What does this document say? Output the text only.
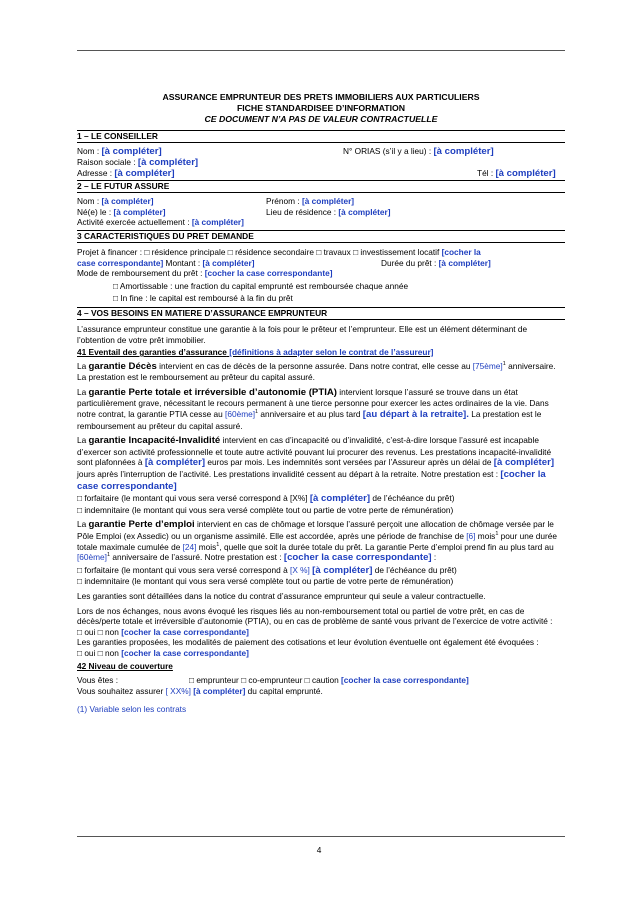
ASSURANCE EMPRUNTEUR DES PRETS IMMOBILIERS AUX PARTICULIERS
FICHE STANDARDISEE D’INFORMATION
CE DOCUMENT N’A PAS DE VALEUR CONTRACTUELLE
1 – LE CONSEILLER
Nom : [à compléter]	N° ORIAS (s’il y a lieu) : [à compléter]
Raison sociale : [à compléter]
Adresse : [à compléter]	Tél : [à compléter]
2 – LE FUTUR ASSURE
Nom : [à compléter]	Prénom : [à compléter]
Né(e) le : [à compléter]	Lieu de résidence : [à compléter]
Activité exercée actuellement : [à compléter]
3 CARACTERISTIQUES DU PRET DEMANDE

Projet à financer : □ résidence principale □ résidence secondaire □ travaux □ investissement locatif [cocher la

case correspondante] Montant : [à compléter]	Durée du prêt : [à compléter]
Mode de remboursement du prêt : [cocher la case correspondante]
□ Amortissable : une fraction du capital emprunté est remboursée chaque année
□ In fine : le capital est remboursé à la fin du prêt
4 – VOS BESOINS EN MATIERE D’ASSURANCE EMPRUNTEUR

L’assurance emprunteur constitue une garantie à la fois pour le prêteur et l’emprunteur. Elle est un élément déterminant de l’obtention de votre prêt immobilier.

41 Eventail des garanties d’assurance [définitions à adapter selon le contrat de l’assureur]

La garantie Décès intervient en cas de décès de la personne assurée. Dans notre contrat, elle cesse au [75ème]$^1$ anniversaire. La prestation est le remboursement au prêteur du capital assuré.

La garantie Perte totale et irréversible d’autonomie (PTIA) intervient lorsque l’assuré se trouve dans un état particulièrement grave, nécessitant le recours permanent à une tierce personne pour exercer les actes ordinaires de la vie. Dans notre contrat, la garantie PTIA cesse au [60ème]$^1$ anniversaire et au plus tard [au départ à la retraite]. La prestation est le remboursement au prêteur du capital assuré.

La garantie Incapacité-Invalidité intervient en cas d’incapacité ou d’invalidité, c’est-à-dire lorsque l’assuré est incapable d’exercer son activité professionnelle et toute autre activité pouvant lui procurer des revenus. Les prestations incapacité-invalidité sont plafonnées à [à compléter] euros par mois. Les indemnités sont versées par l’Assureur après un délai de [à compléter] jours après l’interruption de l’activité. Les prestations invalidité cessent au départ à la retraite. Notre prestation est : [cocher la case correspondante]

□ forfaitaire (le montant qui vous sera versé correspond à [X%] [à compléter] de l’échéance du prêt)
□ indemnitaire (le montant qui vous sera versé complète tout ou partie de votre perte de rémunération)

La garantie Perte d’emploi intervient en cas de chômage et lorsque l’assuré perçoit une allocation de chômage versée par le Pôle Emploi (ex Assedic) ou un organisme assimilé. Elle est accordée, après une période de franchise de [6] mois$^1$ pour une durée totale maximale cumulée de [24] mois$^1$, quelle que soit la durée totale du prêt. La garantie Perte d’emploi prend fin au plus tard au [60ème]$^1$ anniversaire de l’assuré. Notre prestation est : [cocher la case correspondante] :

□ forfaitaire (le montant qui vous sera versé correspond à [X %] [à compléter] de l’échéance du prêt)
□ indemnitaire (le montant qui vous sera versé complète tout ou partie de votre perte de rémunération)

Les garanties sont détaillées dans la notice du contrat d’assurance emprunteur qui seule a valeur contractuelle.

Lors de nos échanges, nous avons évoqué les risques liés au non-remboursement total ou partiel de votre prêt, en cas de décès/perte totale et irréversible d’autonomie (PTIA), ou en cas de problème de santé vous privant de l’exercice de votre activité :

□ oui □ non [cocher la case correspondante]

Les garanties proposées, les modalités de paiement des cotisations et leur évolution éventuelle ont également été évoquées :

□ oui □ non [cocher la case correspondante]

42 Niveau de couverture

Vous êtes :	□ emprunteur □ co-emprunteur □ caution [cocher la case correspondante]
Vous souhaitez assurer [ XX%] [à compléter] du capital emprunté.

(1) Variable selon les contrats

4
